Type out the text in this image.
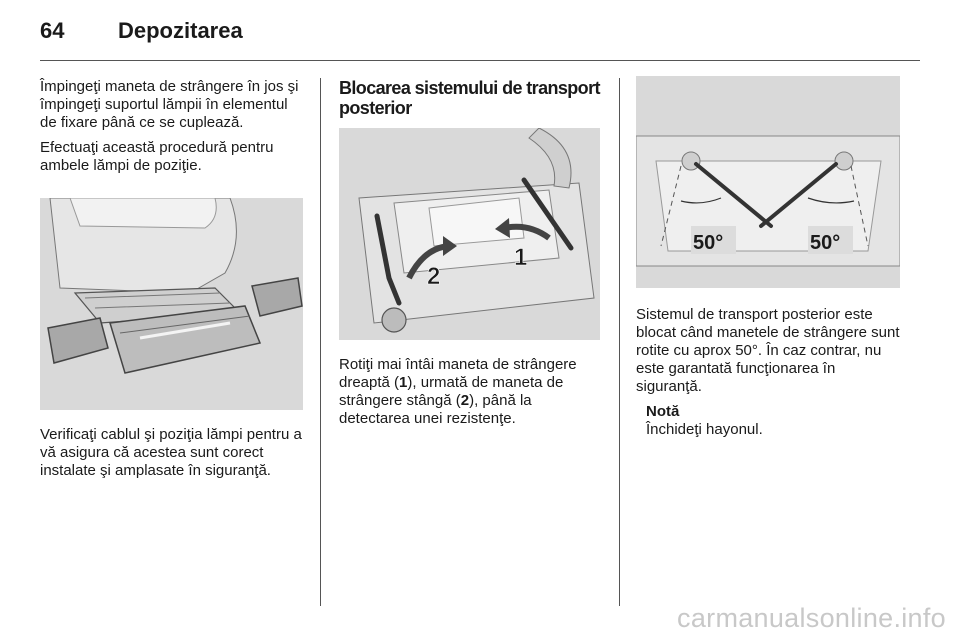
64	Depozitarea

Împingeţi maneta de strângere în jos şi împingeţi suportul lămpii în elementul de fixare până ce se cuplează.

Efectuaţi această procedură pentru ambele lămpi de poziţie.

Verificaţi cablul şi poziţia lămpi pentru a vă asigura că acestea sunt corect instalate şi amplasate în siguranţă.

Blocarea sistemului de transport posterior
2
1

Rotiţi mai întâi maneta de strângere dreaptă (1), urmată de maneta de strângere stângă (2), până la detectarea unei rezistenţe.

50°	50°

Sistemul de transport posterior este blocat când manetele de strângere sunt rotite cu aprox 50°. În caz contrar, nu este garantată funcţionarea în siguranţă.

Notă
Închideţi hayonul.
carmanualsonline.info
